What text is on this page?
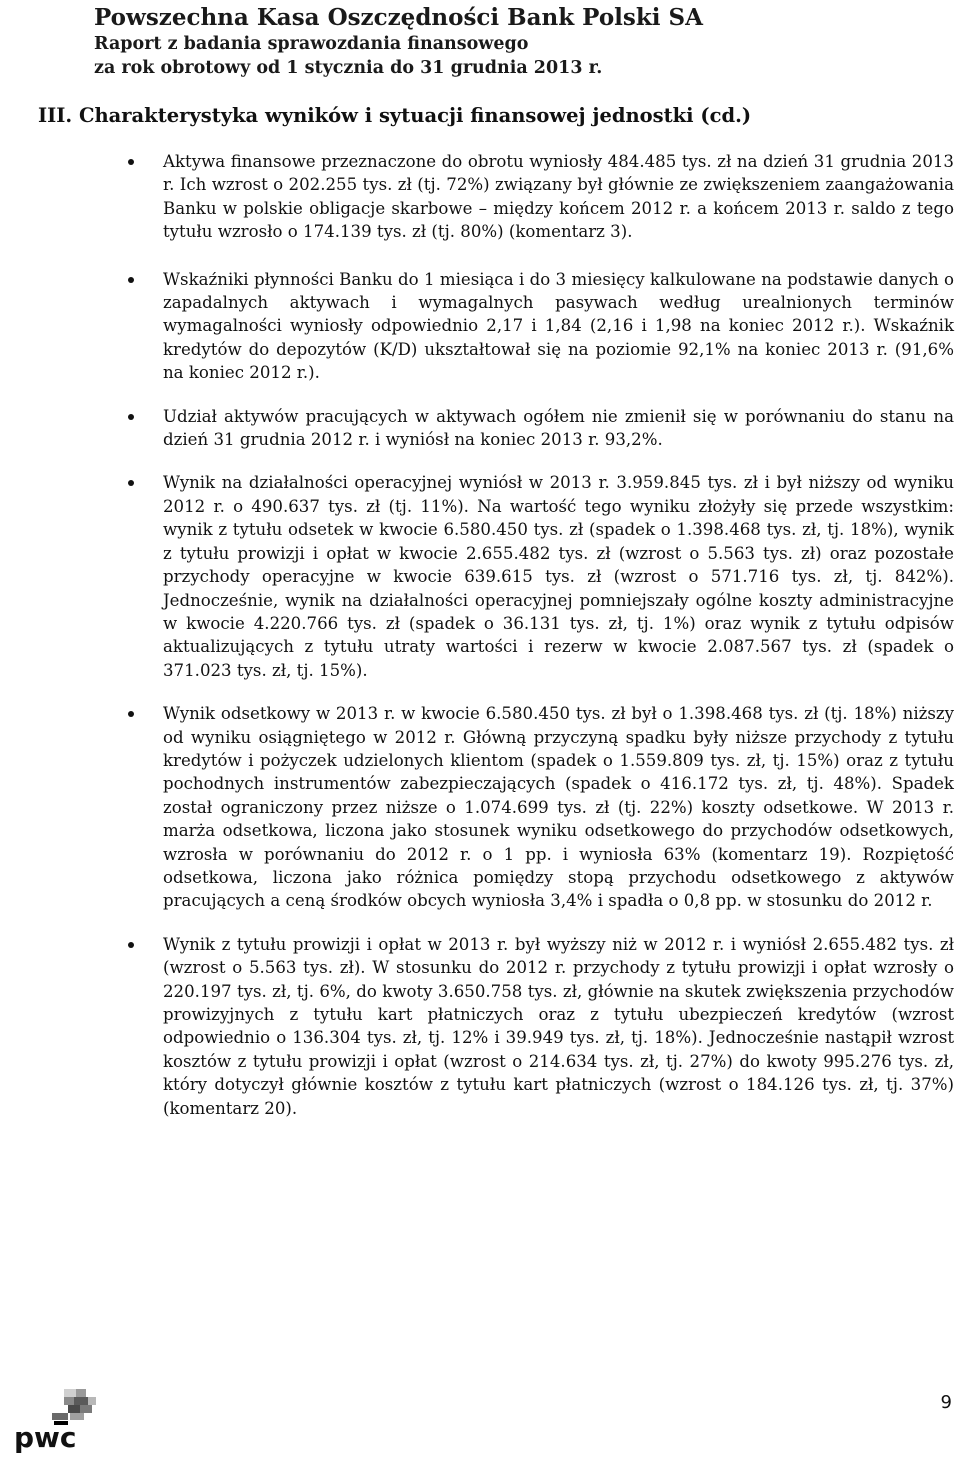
Powszechna Kasa Oszczędności Bank Polski SA
Raport z badania sprawozdania finansowego
za rok obrotowy od 1 stycznia do 31 grudnia 2013 r.
III. Charakterystyka wyników i sytuacji finansowej jednostki (cd.)
Aktywa finansowe przeznaczone do obrotu wyniosły 484.485 tys. zł na dzień 31 grudnia 2013 r. Ich wzrost o 202.255 tys. zł (tj. 72%) związany był głównie ze zwiększeniem zaangażowania Banku w polskie obligacje skarbowe – między końcem 2012 r. a końcem 2013 r. saldo z tego tytułu wzrosło o 174.139 tys. zł (tj. 80%) (komentarz 3).
Wskaźniki płynności Banku do 1 miesiąca i do 3 miesięcy kalkulowane na podstawie danych o zapadalnych aktywach i wymagalnych pasywach według urealnionych terminów wymagalności wyniosły odpowiednio 2,17 i 1,84 (2,16 i 1,98 na koniec 2012 r.). Wskaźnik kredytów do depozytów (K/D) ukształtował się na poziomie 92,1% na koniec 2013 r. (91,6% na koniec 2012 r.).
Udział aktywów pracujących w aktywach ogółem nie zmienił się w porównaniu do stanu na dzień 31 grudnia 2012 r. i wyniósł na koniec 2013 r. 93,2%.
Wynik na działalności operacyjnej wyniósł w 2013 r. 3.959.845 tys. zł i był niższy od wyniku 2012 r. o 490.637 tys. zł (tj. 11%). Na wartość tego wyniku złożyły się przede wszystkim: wynik z tytułu odsetek w kwocie 6.580.450 tys. zł (spadek o 1.398.468 tys. zł, tj. 18%), wynik z tytułu prowizji i opłat w kwocie 2.655.482 tys. zł (wzrost o 5.563 tys. zł) oraz pozostałe przychody operacyjne w kwocie 639.615 tys. zł (wzrost o 571.716 tys. zł, tj. 842%). Jednocześnie, wynik na działalności operacyjnej pomniejszały ogólne koszty administracyjne w kwocie 4.220.766 tys. zł (spadek o 36.131 tys. zł, tj. 1%) oraz wynik z tytułu odpisów aktualizujących z tytułu utraty wartości i rezerw w kwocie 2.087.567 tys. zł (spadek o 371.023 tys. zł, tj. 15%).
Wynik odsetkowy w 2013 r. w kwocie 6.580.450 tys. zł był o 1.398.468 tys. zł (tj. 18%) niższy od wyniku osiągniętego w 2012 r. Główną przyczyną spadku były niższe przychody z tytułu kredytów i pożyczek udzielonych klientom (spadek o 1.559.809 tys. zł, tj. 15%) oraz z tytułu pochodnych instrumentów zabezpieczających (spadek o 416.172 tys. zł, tj. 48%). Spadek został ograniczony przez niższe o 1.074.699 tys. zł (tj. 22%) koszty odsetkowe. W 2013 r. marża odsetkowa, liczona jako stosunek wyniku odsetkowego do przychodów odsetkowych, wzrosła w porównaniu do 2012 r. o 1 pp. i wyniosła 63% (komentarz 19). Rozpiętość odsetkowa, liczona jako różnica pomiędzy stopą przychodu odsetkowego z aktywów pracujących a ceną środków obcych wyniosła 3,4% i spadła o 0,8 pp. w stosunku do 2012 r.
Wynik z tytułu prowizji i opłat w 2013 r. był wyższy niż w 2012 r. i wyniósł 2.655.482 tys. zł (wzrost o 5.563 tys. zł). W stosunku do 2012 r. przychody z tytułu prowizji i opłat wzrosły o 220.197 tys. zł, tj. 6%, do kwoty 3.650.758 tys. zł, głównie na skutek zwiększenia przychodów prowizyjnych z tytułu kart płatniczych oraz z tytułu ubezpieczeń kredytów (wzrost odpowiednio o 136.304 tys. zł, tj. 12% i 39.949 tys. zł, tj. 18%). Jednocześnie nastąpił wzrost kosztów z tytułu prowizji i opłat (wzrost o 214.634 tys. zł, tj. 27%) do kwoty 995.276 tys. zł, który dotyczył głównie kosztów z tytułu kart płatniczych (wzrost o 184.126 tys. zł, tj. 37%) (komentarz 20).
pwc
9
